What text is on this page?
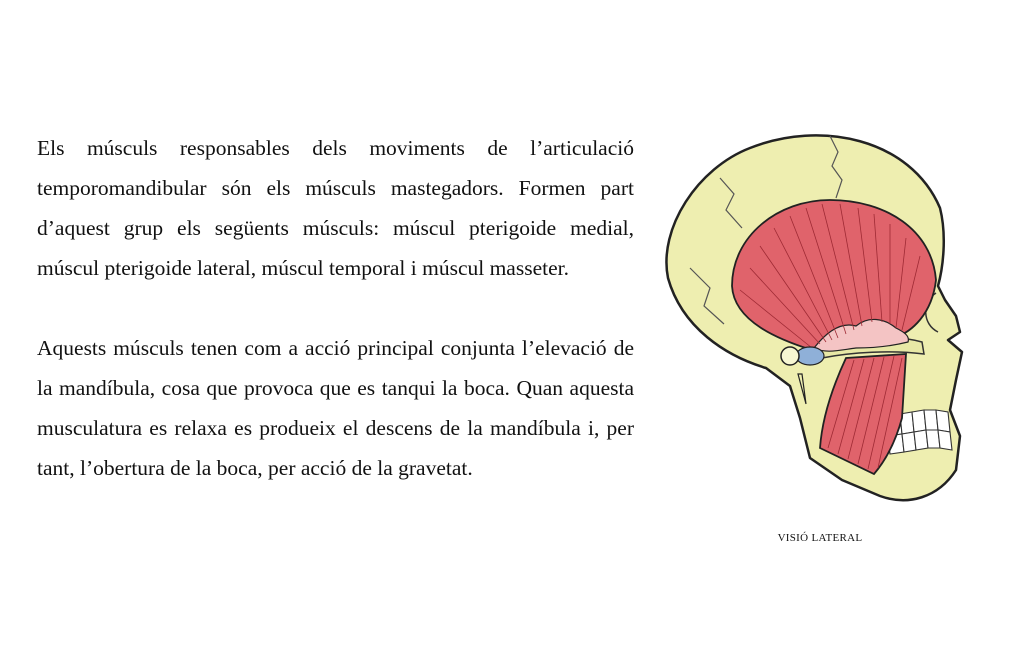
Els músculs responsables dels moviments de l’articulació temporomandibular són els músculs mastegadors. Formen part d’aquest grup els següents músculs: múscul pterigoide medial, múscul pterigoide lateral, múscul temporal i múscul masseter.

Aquests músculs tenen com a acció principal conjunta l’elevació de la mandíbula, cosa que provoca que es tanqui la boca. Quan aquesta musculatura es relaxa es produeix el descens de la mandíbula i, per tant, l’obertura de la boca, per acció de la gravetat.

VISIÓ LATERAL
